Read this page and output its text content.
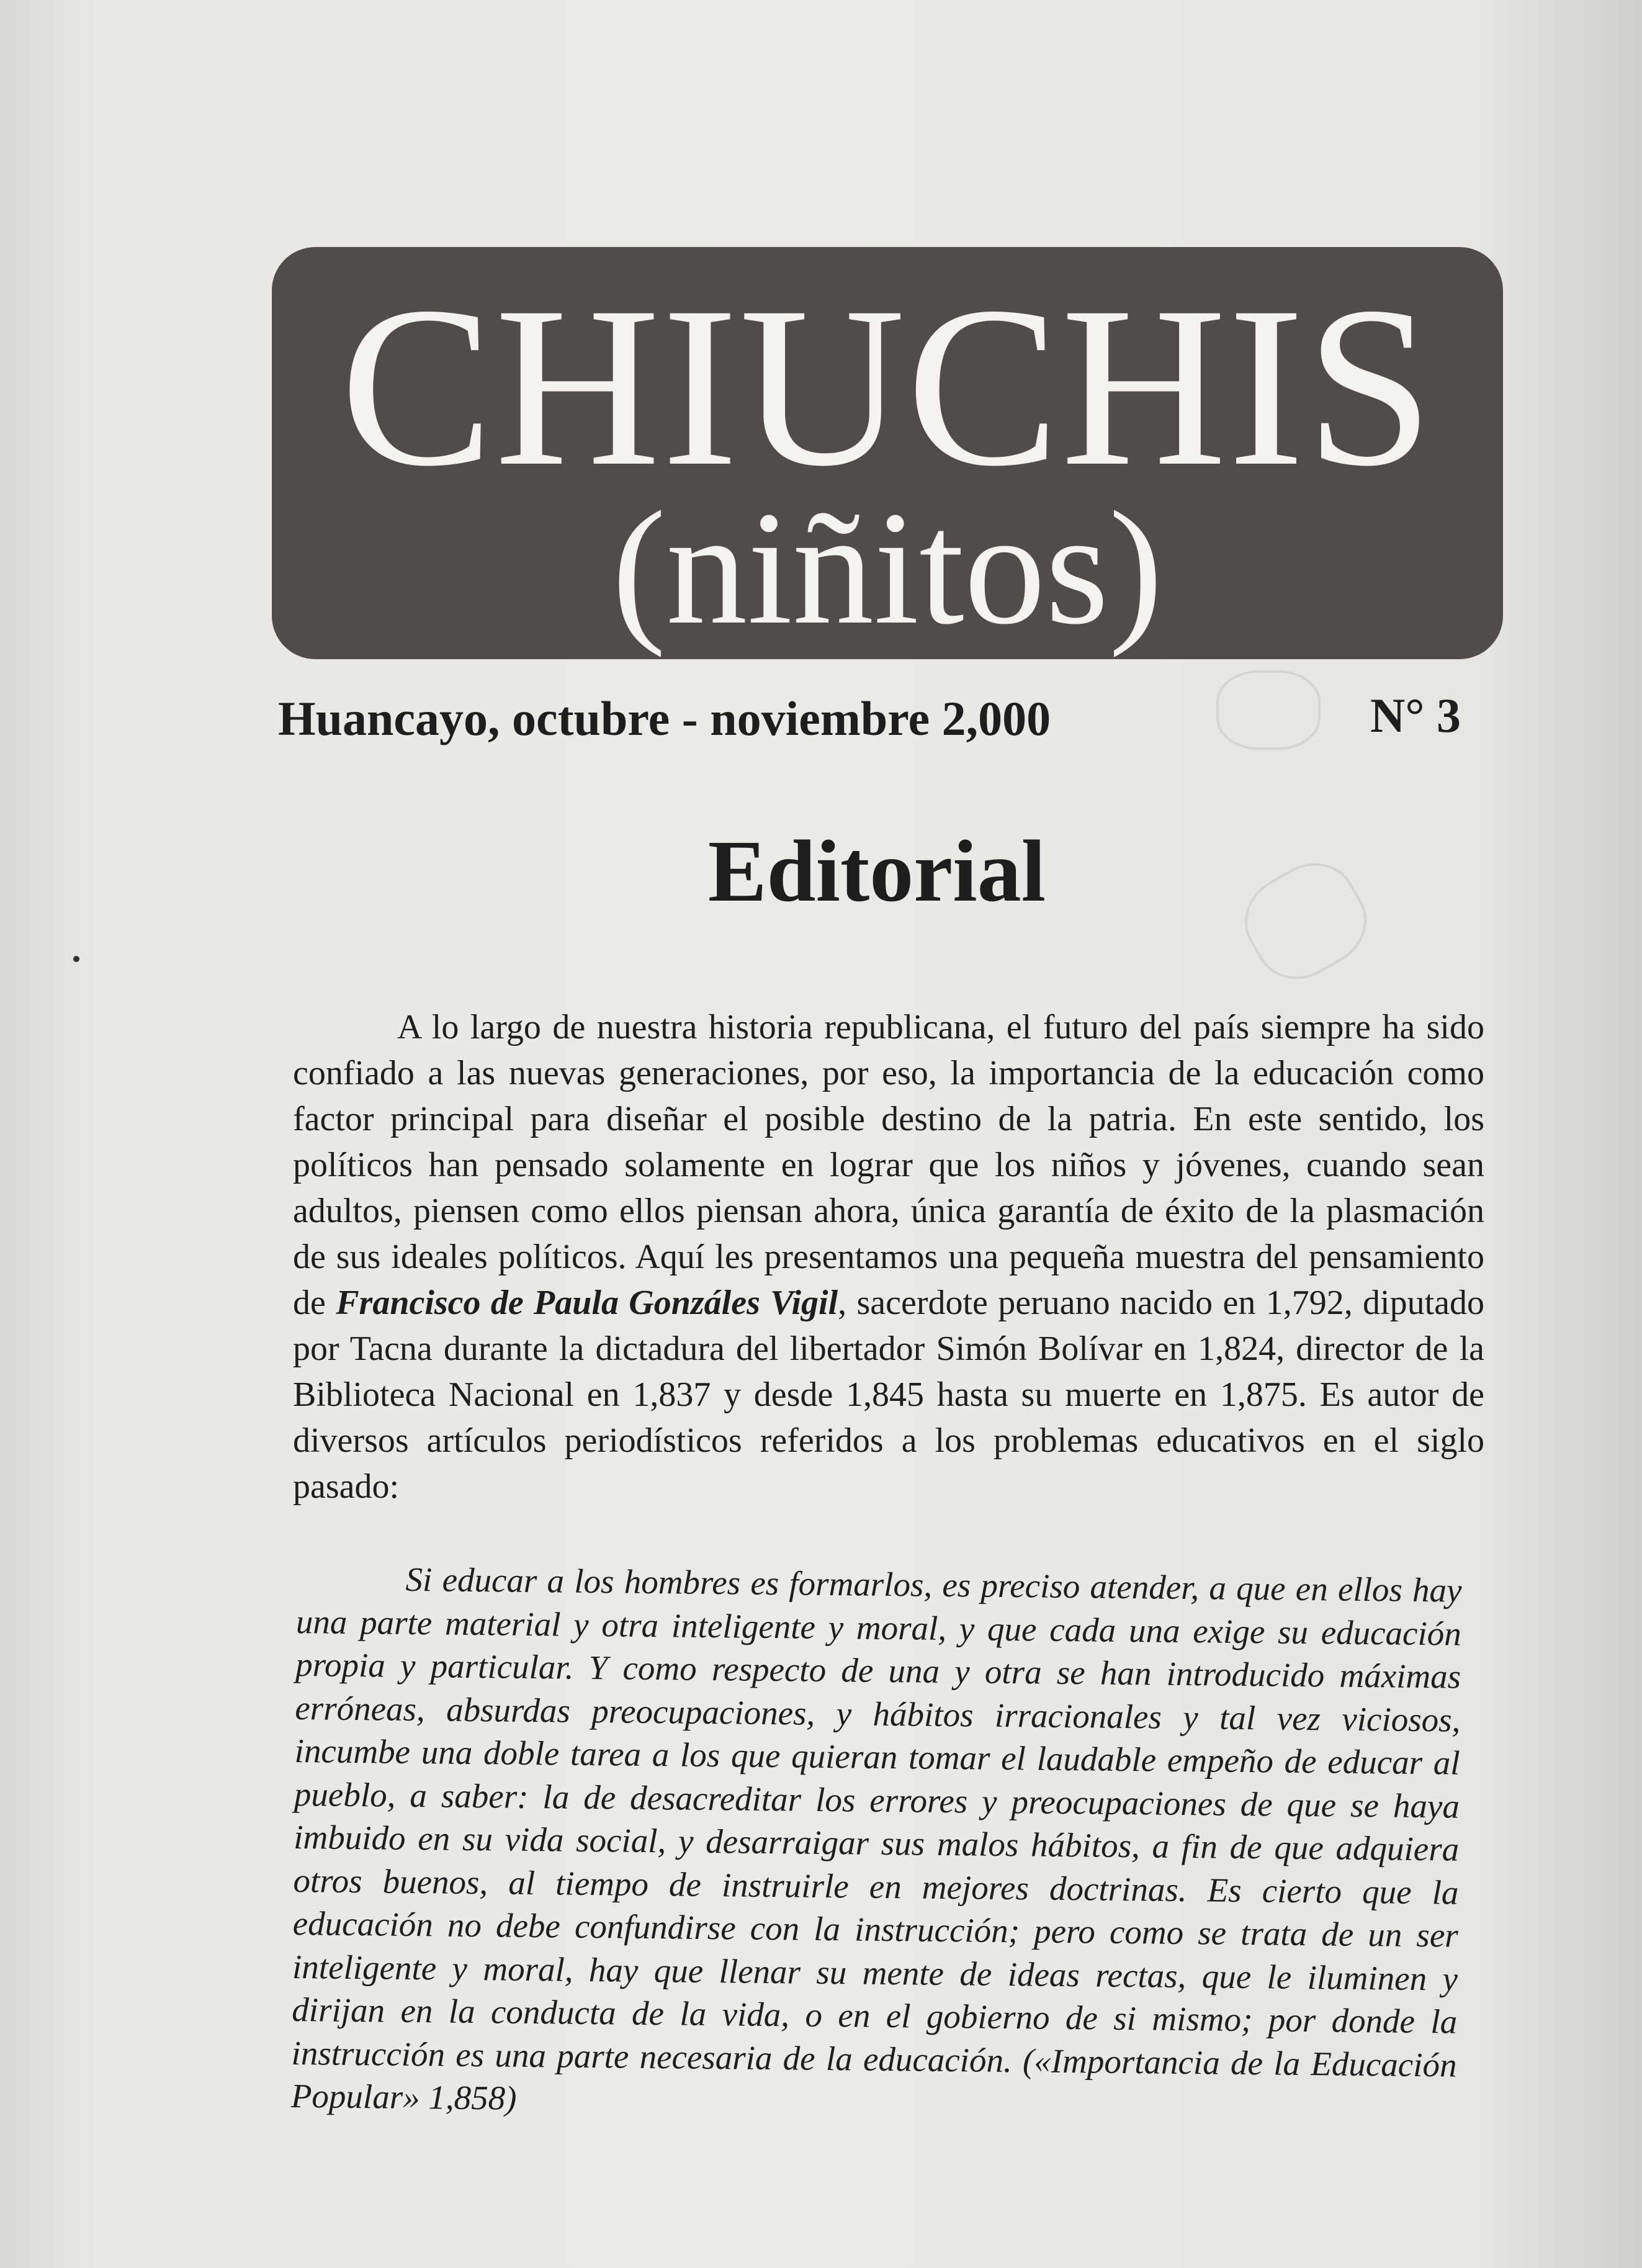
CHIUCHIS
(niñitos)
Huancayo, octubre - noviembre 2,000	N° 3
Editorial
A lo largo de nuestra historia republicana, el futuro del país siempre ha sido confiado a las nuevas generaciones, por eso, la importancia de la educación como factor principal para diseñar el posible destino de la patria. En este sentido, los políticos han pensado solamente en lograr que los niños y jóvenes, cuando sean adultos, piensen como ellos piensan ahora, única garantía de éxito de la plasmación de sus ideales políticos. Aquí les presentamos una pequeña muestra del pensamiento de Francisco de Paula Gonzáles Vigil, sacerdote peruano nacido en 1,792, diputado por Tacna durante la dictadura del libertador Simón Bolívar en 1,824, director de la Biblioteca Nacional en 1,837 y desde 1,845 hasta su muerte en 1,875. Es autor de diversos artículos periodísticos referidos a los problemas educativos en el siglo pasado:
Si educar a los hombres es formarlos, es preciso atender, a que en ellos hay una parte material y otra inteligente y moral, y que cada una exige su educación propia y particular. Y como respecto de una y otra se han introducido máximas erróneas, absurdas preocupaciones, y hábitos irracionales y tal vez viciosos, incumbe una doble tarea a los que quieran tomar el laudable empeño de educar al pueblo, a saber: la de desacreditar los errores y preocupaciones de que se haya imbuido en su vida social, y desarraigar sus malos hábitos, a fin de que adquiera otros buenos, al tiempo de instruirle en mejores doctrinas. Es cierto que la educación no debe confundirse con la instrucción; pero como se trata de un ser inteligente y moral, hay que llenar su mente de ideas rectas, que le iluminen y dirijan en la conducta de la vida, o en el gobierno de si mismo; por donde la instrucción es una parte necesaria de la educación. («Importancia de la Educación Popular» 1,858)
